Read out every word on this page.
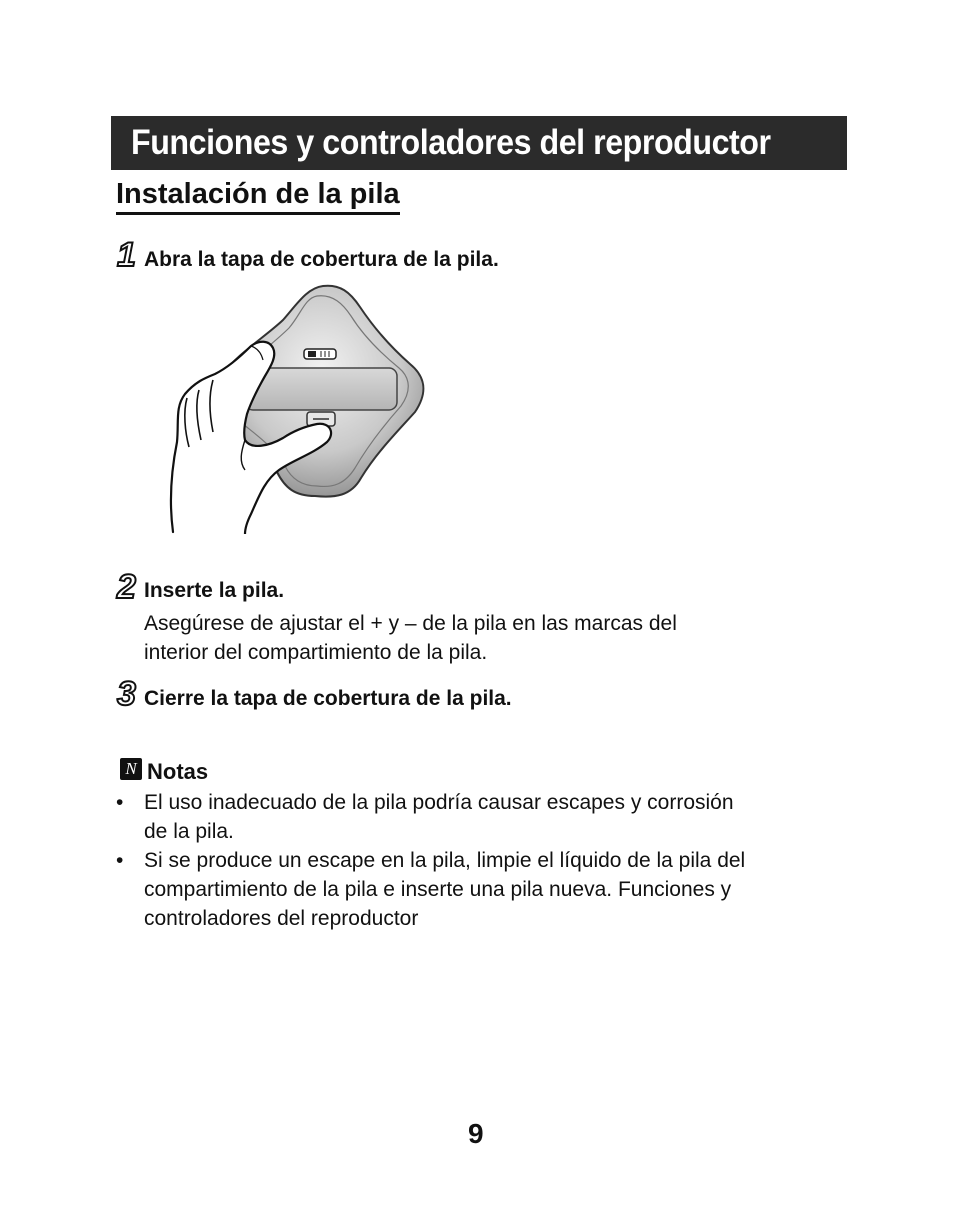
Funciones y controladores del reproductor
Instalación de la pila
1 Abra la tapa de cobertura de la pila.
2 Inserte la pila.
Asegúrese de ajustar el + y – de la pila en las marcas del
interior del compartimiento de la pila.
3 Cierre la tapa de cobertura de la pila.
N Notas
• El uso inadecuado de la pila podría causar escapes y corrosión
de la pila.
• Si se produce un escape en la pila, limpie el líquido de la pila del
compartimiento de la pila e inserte una pila nueva. Funciones y
controladores del reproductor
9
